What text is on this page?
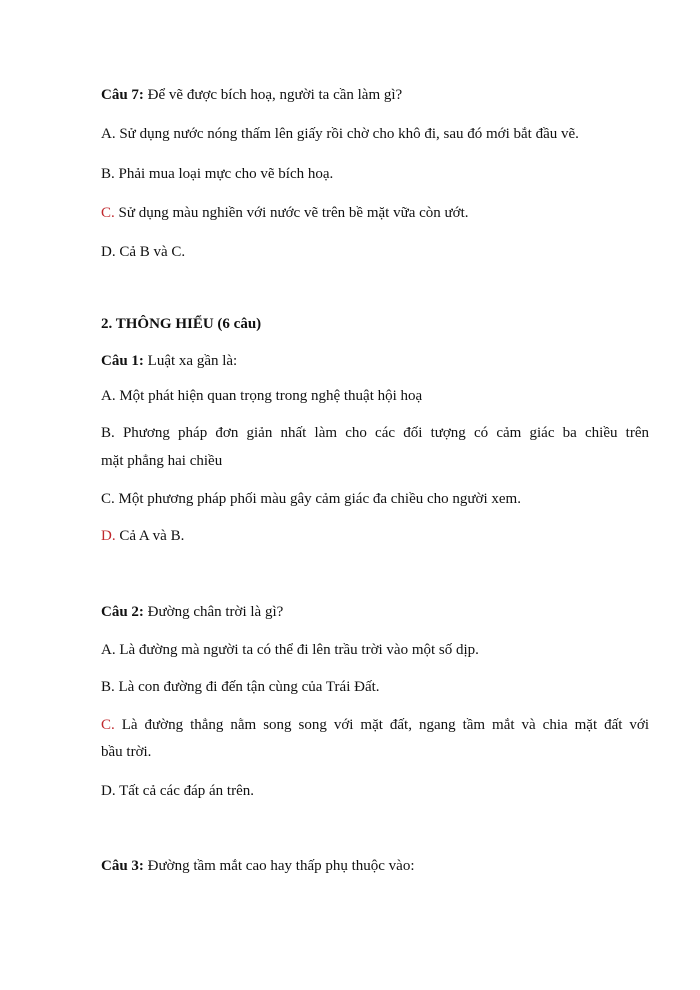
Câu 7: Để vẽ được bích hoạ, người ta cần làm gì?
A. Sử dụng nước nóng thấm lên giấy rồi chờ cho khô đi, sau đó mới bắt đầu vẽ.
B. Phải mua loại mực cho vẽ bích hoạ.
C. Sử dụng màu nghiền với nước vẽ trên bề mặt vữa còn ướt.
D. Cả B và C.
2. THÔNG HIỂU (6 câu)
Câu 1: Luật xa gần là:
A. Một phát hiện quan trọng trong nghệ thuật hội hoạ
B. Phương pháp đơn giản nhất làm cho các đối tượng có cảm giác ba chiều trên
mặt phẳng hai chiều
C. Một phương pháp phối màu gây cảm giác đa chiều cho người xem.
D. Cả A và B.
Câu 2: Đường chân trời là gì?
A. Là đường mà người ta có thể đi lên trầu trời vào một số dịp.
B. Là con đường đi đến tận cùng của Trái Đất.
C. Là đường thẳng nằm song song với mặt đất, ngang tầm mắt và chia mặt đất với
bầu trời.
D. Tất cả các đáp án trên.
Câu 3: Đường tầm mắt cao hay thấp phụ thuộc vào:
